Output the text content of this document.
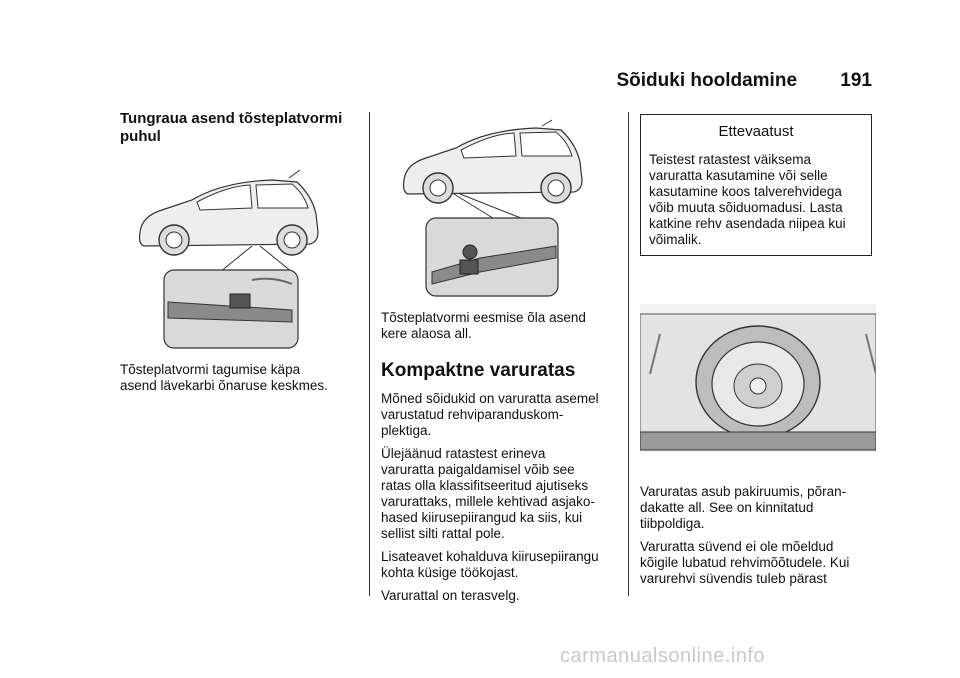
Sõiduki hooldamine 191
Tungraua asend tõsteplatvormi
puhul

Tõsteplatvormi tagumise käpa

asend lävekarbi õnaruse keskmes.

Tõsteplatvormi eesmise õla asend

kere alaosa all.

Kompaktne varuratas

Mõned sõidukid on varuratta asemel

varustatud rehviparanduskom-

plektiga.

Ülejäänud ratastest erineva

varuratta paigaldamisel võib see

ratas olla klassifitseeritud ajutiseks

varurattaks, millele kehtivad asjako-

hased kiirusepiirangud ka siis, kui

sellist silti rattal pole.

Lisateavet kohalduva kiirusepiirangu

kohta küsige töökojast.

Varurattal on terasvelg.

Ettevaatust

Teistest ratastest väiksema

varuratta kasutamine või selle

kasutamine koos talverehvidega

võib muuta sõiduomadusi. Lasta

katkine rehv asendada niipea kui

võimalik.

Varuratas asub pakiruumis, põran-

dakatte all. See on kinnitatud

tiibpoldiga.

Varuratta süvend ei ole mõeldud

kõigile lubatud rehvimõõtudele. Kui

varurehvi süvendis tuleb pärast

carmanualsonline.info
